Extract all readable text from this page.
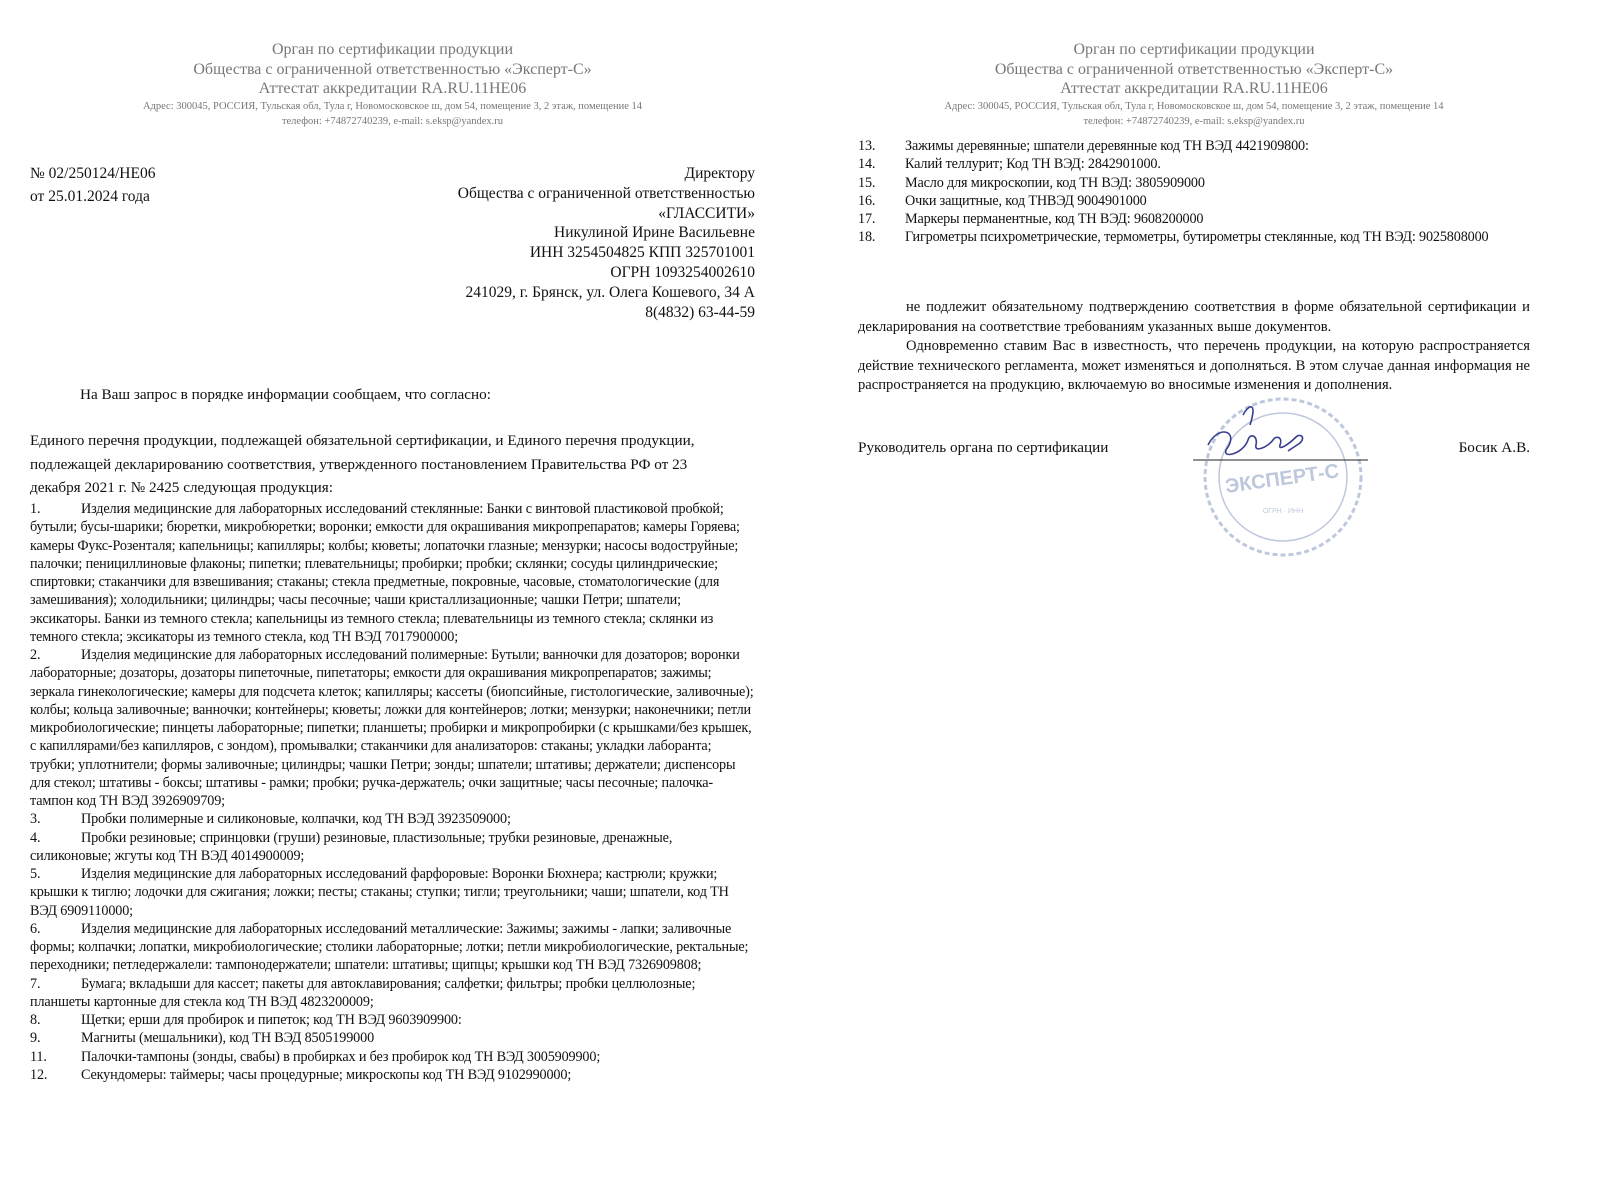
Орган по сертификации продукции
Общества с ограниченной ответственностью «Эксперт-С»
Аттестат аккредитации RA.RU.11НЕ06
Адрес: 300045, РОССИЯ, Тульская обл, Тула г, Новомосковское ш, дом 54, помещение 3, 2 этаж, помещение 14
телефон: +74872740239, e-mail: s.eksp@yandex.ru
№ 02/250124/НЕ06
от 25.01.2024 года
Директору
Общества с ограниченной ответственностью
«ГЛАССИТИ»
Никулиной Ирине Васильевне
ИНН 3254504825 КПП 325701001
ОГРН 1093254002610
241029, г. Брянск, ул. Олега Кошевого, 34 А
8(4832) 63-44-59
На Ваш запрос в порядке информации сообщаем, что согласно:
Единого перечня продукции, подлежащей обязательной сертификации, и Единого перечня продукции, подлежащей декларированию соответствия, утвержденного постановлением Правительства РФ от 23 декабря 2021 г. № 2425 следующая продукция:
1.	Изделия медицинские для лабораторных исследований стеклянные: Банки с винтовой пластиковой пробкой; бутыли; бусы-шарики; бюретки, микробюретки; воронки; емкости для окрашивания микропрепаратов; камеры Горяева; камеры Фукс-Розенталя; капельницы; капилляры; колбы; кюветы; лопаточки глазные; мензурки; насосы водоструйные; палочки; пенициллиновые флаконы; пипетки; плевательницы; пробирки; пробки; склянки; сосуды цилиндрические; спиртовки; стаканчики для взвешивания; стаканы; стекла предметные, покровные, часовые, стоматологические (для замешивания); холодильники; цилиндры; часы песочные; чаши кристаллизационные; чашки Петри; шпатели; эксикаторы. Банки из темного стекла; капельницы из темного стекла; плевательницы из темного стекла; склянки из темного стекла; эксикаторы из темного стекла, код ТН ВЭД 7017900000;
2.	Изделия медицинские для лабораторных исследований полимерные: Бутыли; ванночки для дозаторов; воронки лабораторные; дозаторы, дозаторы пипеточные, пипетаторы; емкости для окрашивания микропрепаратов; зажимы; зеркала гинекологические; камеры для подсчета клеток; капилляры; кассеты (биопсийные, гистологические, заливочные); колбы; кольца заливочные; ванночки; контейнеры; кюветы; ложки для контейнеров; лотки; мензурки; наконечники; петли микробиологические; пинцеты лабораторные; пипетки; планшеты; пробирки и микропробирки (с крышками/без крышек, с капиллярами/без капилляров, с зондом), промывалки; стаканчики для анализаторов: стаканы; укладки лаборанта; трубки; уплотнители; формы заливочные; цилиндры; чашки Петри; зонды; шпатели; штативы; держатели; диспенсоры для стекол; штативы - боксы; штативы - рамки; пробки; ручка-держатель; очки защитные; часы песочные; палочка-тампон код ТН ВЭД 3926909709;
3.	Пробки полимерные и силиконовые, колпачки, код ТН ВЭД 3923509000;
4.	Пробки резиновые; спринцовки (груши) резиновые, пластизольные; трубки резиновые, дренажные, силиконовые; жгуты код ТН ВЭД 4014900009;
5.	Изделия медицинские для лабораторных исследований фарфоровые: Воронки Бюхнера; кастрюли; кружки; крышки к тиглю; лодочки для сжигания; ложки; песты; стаканы; ступки; тигли; треугольники; чаши; шпатели, код ТН ВЭД 6909110000;
6.	Изделия медицинские для лабораторных исследований металлические: Зажимы; зажимы - лапки; заливочные формы; колпачки; лопатки, микробиологические; столики лабораторные; лотки; петли микробиологические, ректальные; переходники; петледержалели: тампонодержатели; шпатели: штативы; щипцы; крышки код ТН ВЭД 7326909808;
7.	Бумага; вкладыши для кассет; пакеты для автоклавирования; салфетки; фильтры; пробки целлюлозные; планшеты картонные для стекла код ТН ВЭД 4823200009;
8.	Щетки; ерши для пробирок и пипеток; код ТН ВЭД 9603909900:
9.	Магниты (мешальники), код ТН ВЭД 8505199000
11. Палочки-тампоны (зонды, свабы) в пробирках и без пробирок код ТН ВЭД 3005909900;
12. Секундомеры: таймеры; часы процедурные; микроскопы код ТН ВЭД 9102990000;
Орган по сертификации продукции
Общества с ограниченной ответственностью «Эксперт-С»
Аттестат аккредитации RA.RU.11НЕ06
Адрес: 300045, РОССИЯ, Тульская обл, Тула г, Новомосковское ш, дом 54, помещение 3, 2 этаж, помещение 14
телефон: +74872740239, e-mail: s.eksp@yandex.ru
13.	Зажимы деревянные; шпатели деревянные код ТН ВЭД 4421909800:
14.	Калий теллурит; Код ТН ВЭД: 2842901000.
15.	Масло для микроскопии, код ТН ВЭД: 3805909000
16.	Очки защитные, код ТНВЭД 9004901000
17.	Маркеры перманентные, код ТН ВЭД: 9608200000
18.	Гигрометры психрометрические, термометры, бутирометры стеклянные, код ТН ВЭД: 9025808000
не подлежит обязательному подтверждению соответствия в форме обязательной сертификации и декларирования на соответствие требованиям указанных выше документов.
Одновременно ставим Вас в известность, что перечень продукции, на которую распространяется действие технического регламента, может изменяться и дополняться. В этом случае данная информация не распространяется на продукцию, включаемую во вносимые изменения и дополнения.
ЭКСПЕРТ-С
ОГРН · ИНН
Руководитель органа по сертификации	Босик А.В.
